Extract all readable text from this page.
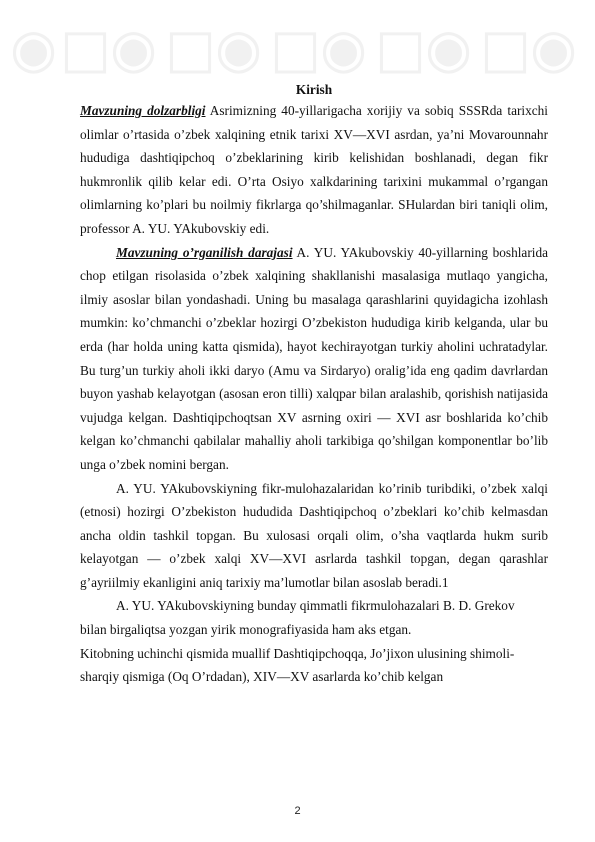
◉ □
◉ □
◉ □
◉ □
◉ □
◉

Kirish

Mavzuning dolzarbligi Asrimizning 40-yillarigacha xorijiy va sobiq SSSRda tarixchi olimlar o’rtasida o’zbek xalqining etnik tarixi XV—XVI asrdan, ya’ni Movarounnahr hududiga dashtiqipchoq o’zbeklarining kirib kelishidan boshlanadi, degan fikr hukmronlik qilib kelar edi. O’rta Osiyo xalkdarining tarixini mukammal o’rgangan olimlarning ko’plari bu noilmiy fikrlarga qo’shilmaganlar. SHulardan biri taniqli olim, professor A. YU. YAkubovskiy edi.

Mavzuning o’rganilish darajasi A. YU. YAkubovskiy 40-yillarning boshlarida chop etilgan risolasida o’zbek xalqining shakllanishi masalasiga mutlaqo yangicha, ilmiy asoslar bilan yondashadi. Uning bu masalaga qarashlarini quyidagicha izohlash mumkin: ko’chmanchi o’zbeklar hozirgi O’zbekiston hududiga kirib kelganda, ular bu erda (har holda uning katta qismida), hayot kechirayotgan turkiy aholini uchratadylar. Bu turg’un turkiy aholi ikki daryo (Amu va Sirdaryo) oralig’ida eng qadim davrlardan buyon yashab kelayotgan (asosan eron tilli) xalqpar bilan aralashib, qorishish natijasida vujudga kelgan. Dashtiqipchoqtsan XV asrning oxiri — XVI asr boshlarida ko’chib kelgan ko’chmanchi qabilalar mahalliy aholi tarkibiga qo’shilgan komponentlar bo’lib unga o’zbek nomini bergan.

A. YU. YAkubovskiyning fikr-mulohazalaridan ko’rinib turibdiki, o’zbek xalqi (etnosi) hozirgi O’zbekiston hududida Dashtiqipchoq o’zbeklari ko’chib kelmasdan ancha oldin tashkil topgan. Bu xulosasi orqali olim, o’sha vaqtlarda hukm surib kelayotgan — o’zbek xalqi XV—XVI asrlarda tashkil topgan, degan qarashlar g’ayriilmiy ekanligini aniq tarixiy ma’lumotlar bilan asoslab beradi.1

A. YU. YAkubovskiyning bunday qimmatli fikrmulohazalari B. D. Grekov
bilan birgaliqtsa yozgan yirik monografiyasida ham aks etgan.
Kitobning uchinchi qismida muallif Dashtiqipchoqqa, Jo’jixon ulusining shimoli-
sharqiy qismiga (Oq O’rdadan), XIV—XV asarlarda ko’chib kelgan
2
